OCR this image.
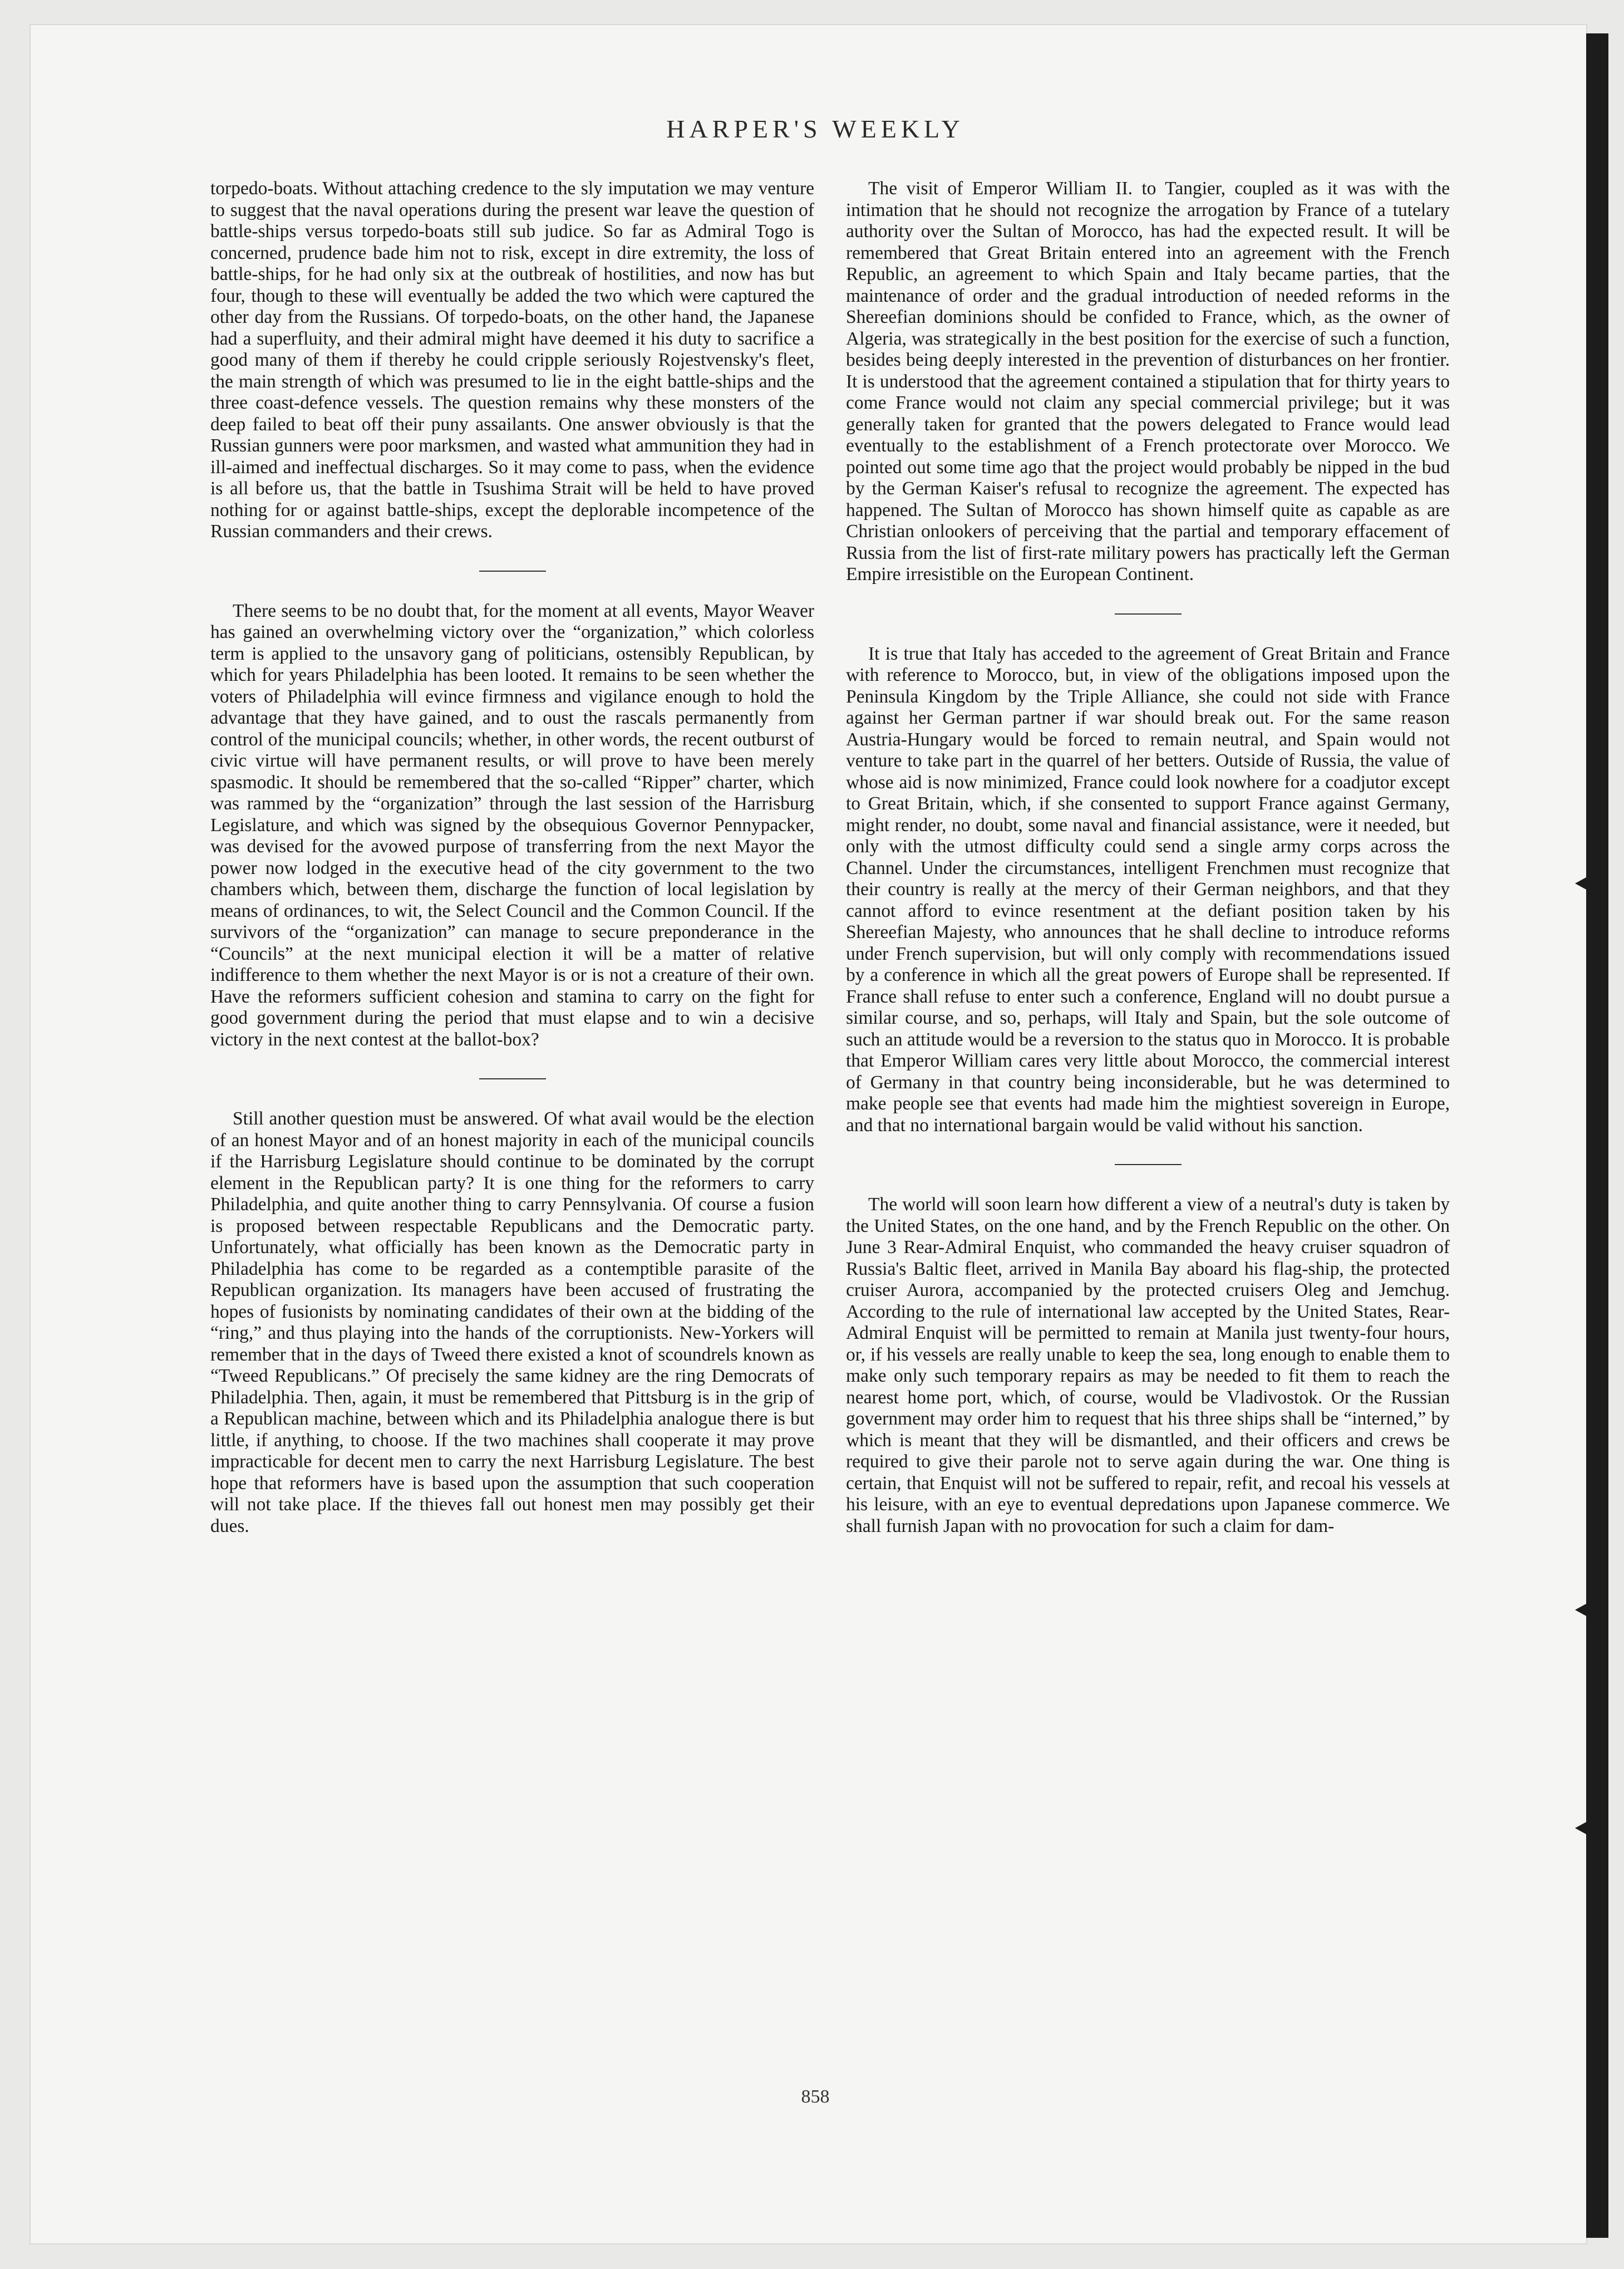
HARPER'S WEEKLY

torpedo-boats. Without attaching credence to the sly imputation we may venture to suggest that the naval operations during the present war leave the question of battle-ships versus torpedo-boats still sub judice. So far as Admiral Togo is concerned, prudence bade him not to risk, except in dire extremity, the loss of battle-ships, for he had only six at the outbreak of hostilities, and now has but four, though to these will eventually be added the two which were captured the other day from the Russians. Of torpedo-boats, on the other hand, the Japanese had a superfluity, and their admiral might have deemed it his duty to sacrifice a good many of them if thereby he could cripple seriously Rojestvensky's fleet, the main strength of which was presumed to lie in the eight battle-ships and the three coast-defence vessels. The question remains why these monsters of the deep failed to beat off their puny assailants. One answer obviously is that the Russian gunners were poor marksmen, and wasted what ammunition they had in ill-aimed and ineffectual discharges. So it may come to pass, when the evidence is all before us, that the battle in Tsushima Strait will be held to have proved nothing for or against battle-ships, except the deplorable incompetence of the Russian commanders and their crews.

There seems to be no doubt that, for the moment at all events, Mayor Weaver has gained an overwhelming victory over the “organization,” which colorless term is applied to the unsavory gang of politicians, ostensibly Republican, by which for years Philadelphia has been looted. It remains to be seen whether the voters of Philadelphia will evince firmness and vigilance enough to hold the advantage that they have gained, and to oust the rascals permanently from control of the municipal councils; whether, in other words, the recent outburst of civic virtue will have permanent results, or will prove to have been merely spasmodic. It should be remembered that the so-called “Ripper” charter, which was rammed by the “organization” through the last session of the Harrisburg Legislature, and which was signed by the obsequious Governor Pennypacker, was devised for the avowed purpose of transferring from the next Mayor the power now lodged in the executive head of the city government to the two chambers which, between them, discharge the function of local legislation by means of ordinances, to wit, the Select Council and the Common Council. If the survivors of the “organization” can manage to secure preponderance in the “Councils” at the next municipal election it will be a matter of relative indifference to them whether the next Mayor is or is not a creature of their own. Have the reformers sufficient cohesion and stamina to carry on the fight for good government during the period that must elapse and to win a decisive victory in the next contest at the ballot-box?

Still another question must be answered. Of what avail would be the election of an honest Mayor and of an honest majority in each of the municipal councils if the Harrisburg Legislature should continue to be dominated by the corrupt element in the Republican party? It is one thing for the reformers to carry Philadelphia, and quite another thing to carry Pennsylvania. Of course a fusion is proposed between respectable Republicans and the Democratic party. Unfortunately, what officially has been known as the Democratic party in Philadelphia has come to be regarded as a contemptible parasite of the Republican organization. Its managers have been accused of frustrating the hopes of fusionists by nominating candidates of their own at the bidding of the “ring,” and thus playing into the hands of the corruptionists. New-Yorkers will remember that in the days of Tweed there existed a knot of scoundrels known as “Tweed Republicans.” Of precisely the same kidney are the ring Democrats of Philadelphia. Then, again, it must be remembered that Pittsburg is in the grip of a Republican machine, between which and its Philadelphia analogue there is but little, if anything, to choose. If the two machines shall cooperate it may prove impracticable for decent men to carry the next Harrisburg Legislature. The best hope that reformers have is based upon the assumption that such cooperation will not take place. If the thieves fall out honest men may possibly get their dues.

The visit of Emperor William II. to Tangier, coupled as it was with the intimation that he should not recognize the arrogation by France of a tutelary authority over the Sultan of Morocco, has had the expected result. It will be remembered that Great Britain entered into an agreement with the French Republic, an agreement to which Spain and Italy became parties, that the maintenance of order and the gradual introduction of needed reforms in the Shereefian dominions should be confided to France, which, as the owner of Algeria, was strategically in the best position for the exercise of such a function, besides being deeply interested in the prevention of disturbances on her frontier. It is understood that the agreement contained a stipulation that for thirty years to come France would not claim any special commercial privilege; but it was generally taken for granted that the powers delegated to France would lead eventually to the establishment of a French protectorate over Morocco. We pointed out some time ago that the project would probably be nipped in the bud by the German Kaiser's refusal to recognize the agreement. The expected has happened. The Sultan of Morocco has shown himself quite as capable as are Christian onlookers of perceiving that the partial and temporary effacement of Russia from the list of first-rate military powers has practically left the German Empire irresistible on the European Continent.

It is true that Italy has acceded to the agreement of Great Britain and France with reference to Morocco, but, in view of the obligations imposed upon the Peninsula Kingdom by the Triple Alliance, she could not side with France against her German partner if war should break out. For the same reason Austria-Hungary would be forced to remain neutral, and Spain would not venture to take part in the quarrel of her betters. Outside of Russia, the value of whose aid is now minimized, France could look nowhere for a coadjutor except to Great Britain, which, if she consented to support France against Germany, might render, no doubt, some naval and financial assistance, were it needed, but only with the utmost difficulty could send a single army corps across the Channel. Under the circumstances, intelligent Frenchmen must recognize that their country is really at the mercy of their German neighbors, and that they cannot afford to evince resentment at the defiant position taken by his Shereefian Majesty, who announces that he shall decline to introduce reforms under French supervision, but will only comply with recommendations issued by a conference in which all the great powers of Europe shall be represented. If France shall refuse to enter such a conference, England will no doubt pursue a similar course, and so, perhaps, will Italy and Spain, but the sole outcome of such an attitude would be a reversion to the status quo in Morocco. It is probable that Emperor William cares very little about Morocco, the commercial interest of Germany in that country being inconsiderable, but he was determined to make people see that events had made him the mightiest sovereign in Europe, and that no international bargain would be valid without his sanction.

The world will soon learn how different a view of a neutral's duty is taken by the United States, on the one hand, and by the French Republic on the other. On June 3 Rear-Admiral Enquist, who commanded the heavy cruiser squadron of Russia's Baltic fleet, arrived in Manila Bay aboard his flag-ship, the protected cruiser Aurora, accompanied by the protected cruisers Oleg and Jemchug. According to the rule of international law accepted by the United States, Rear-Admiral Enquist will be permitted to remain at Manila just twenty-four hours, or, if his vessels are really unable to keep the sea, long enough to enable them to make only such temporary repairs as may be needed to fit them to reach the nearest home port, which, of course, would be Vladivostok. Or the Russian government may order him to request that his three ships shall be “interned,” by which is meant that they will be dismantled, and their officers and crews be required to give their parole not to serve again during the war. One thing is certain, that Enquist will not be suffered to repair, refit, and recoal his vessels at his leisure, with an eye to eventual depredations upon Japanese commerce. We shall furnish Japan with no provocation for such a claim for dam-

858
